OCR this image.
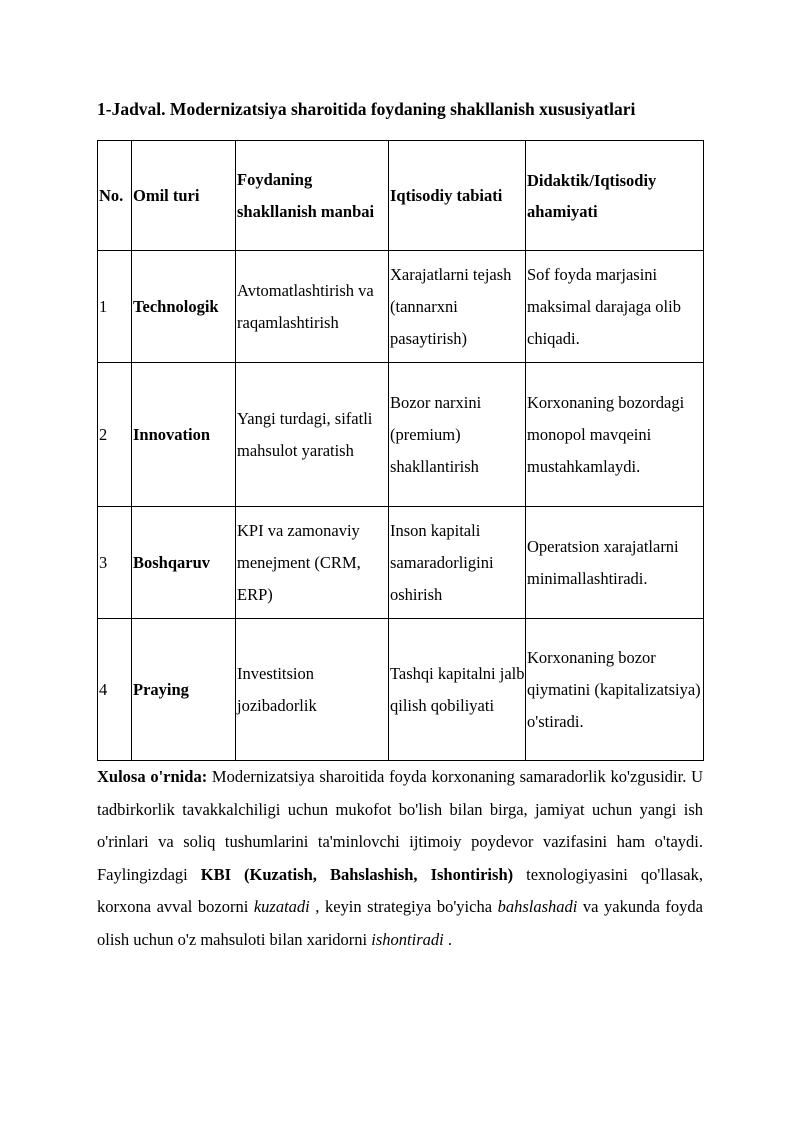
1-Jadval. Modernizatsiya sharoitida foydaning shakllanish xususiyatlari
No.	Omil turi	Foydaning shakllanish manbai	Iqtisodiy tabiati	Didaktik/Iqtisodiy ahamiyati
1	Technologik	Avtomatlashtirish va raqamlashtirish	Xarajatlarni tejash (tannarxni pasaytirish)	Sof foyda marjasini maksimal darajaga olib chiqadi.
2	Innovation	Yangi turdagi, sifatli mahsulot yaratish	Bozor narxini (premium) shakllantirish	Korxonaning bozordagi monopol mavqeini mustahkamlaydi.
3	Boshqaruv	KPI va zamonaviy menejment (CRM, ERP)	Inson kapitali samaradorligini oshirish	Operatsion xarajatlarni minimallashtiradi.
4	Praying	Investitsion jozibadorlik	Tashqi kapitalni jalb qilish qobiliyati	Korxonaning bozor qiymatini (kapitalizatsiya) o'stiradi.

Xulosa o'rnida: Modernizatsiya sharoitida foyda korxonaning samaradorlik ko'zgusidir. U tadbirkorlik tavakkalchiligi uchun mukofot bo'lish bilan birga, jamiyat uchun yangi ish o'rinlari va soliq tushumlarini ta'minlovchi ijtimoiy poydevor vazifasini ham o'taydi. Faylingizdagi KBI (Kuzatish, Bahslashish, Ishontirish) texnologiyasini qo'llasak, korxona avval bozorni kuzatadi , keyin strategiya bo'yicha bahslashadi va yakunda foyda olish uchun o'z mahsuloti bilan xaridorni ishontiradi .
